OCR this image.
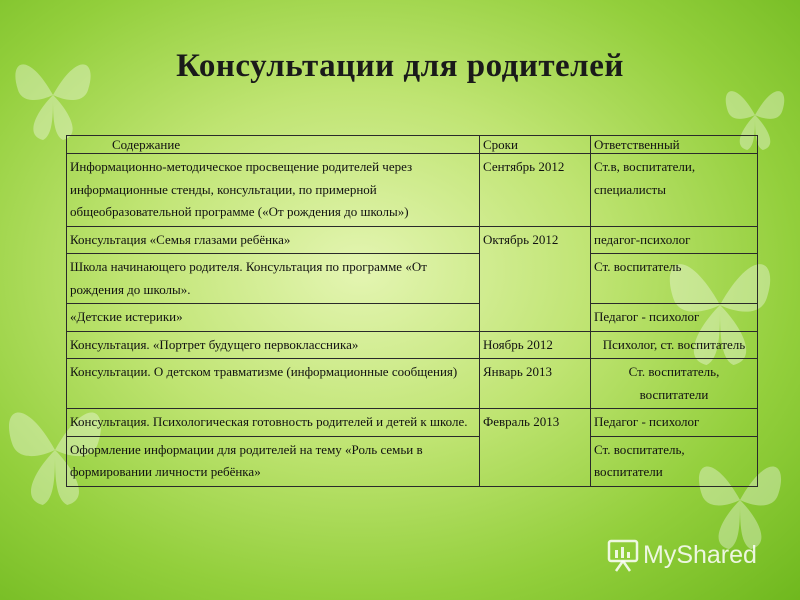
Консультации для родителей
Содержание	Сроки	Ответственный
Информационно-методическое просвещение родителей через информационные стенды, консультации, по примерной общеобразовательной программе («От рождения до школы»)	Сентябрь 2012	Ст.в, воспитатели, специалисты
Консультация «Семья глазами ребёнка»	Октябрь 2012	педагог-психолог
Школа начинающего родителя. Консультация по программе «От рождения до школы».		Ст. воспитатель
«Детские истерики»		Педагог - психолог
Консультация. «Портрет будущего первоклассника»	Ноябрь 2012	Психолог, ст. воспитатель
Консультации. О детском травматизме (информационные сообщения)	Январь 2013	Ст. воспитатель, воспитатели
Консультация. Психологическая готовность родителей и детей к школе.	Февраль 2013	Педагог - психолог
Оформление информации для родителей на тему «Роль семьи в формировании личности ребёнка»		Ст. воспитатель, воспитатели
MyShared
